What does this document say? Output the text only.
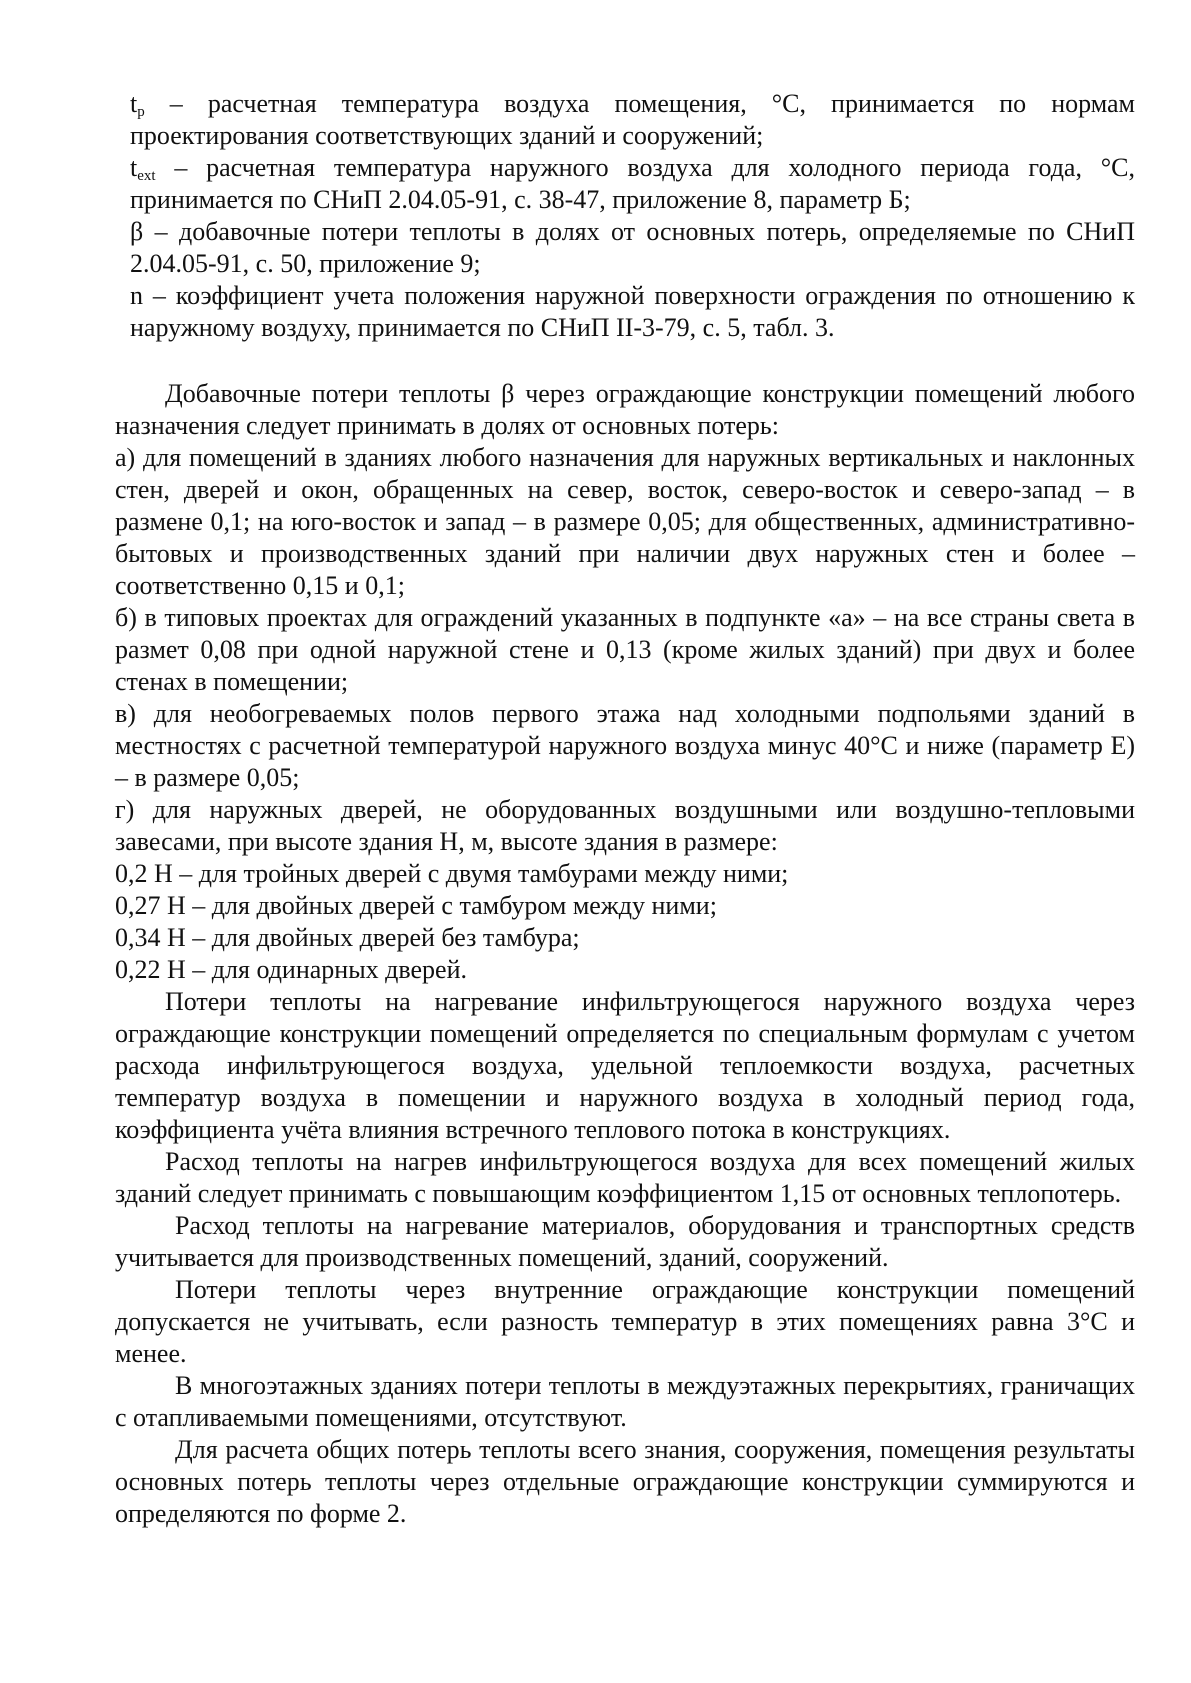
$t_p$ – расчетная температура воздуха помещения, °С, принимается по нормам проектирования соответствующих зданий и сооружений;

$t_{ext}$ – расчетная температура наружного воздуха для холодного периода года, °С, принимается по СНиП 2.04.05-91, с. 38-47, приложение 8, параметр Б;

β – добавочные потери теплоты в долях от основных потерь, определяемые по СНиП 2.04.05-91, с. 50, приложение 9;

n – коэффициент учета положения наружной поверхности ограждения по отношению к наружному воздуху, принимается по СНиП II-3-79, с. 5, табл. 3.

Добавочные потери теплоты β через ограждающие конструкции помещений любого назначения следует принимать в долях от основных потерь:

а) для помещений в зданиях любого назначения для наружных вертикальных и наклонных стен, дверей и окон, обращенных на север, восток, северо-восток и северо-запад – в размене 0,1; на юго-восток и запад – в размере 0,05; для общественных, административно-бытовых и производственных зданий при наличии двух наружных стен и более – соответственно 0,15 и 0,1;

б) в типовых проектах для ограждений указанных в подпункте «а» – на все страны света в размет 0,08 при одной наружной стене и 0,13 (кроме жилых зданий) при двух и более стенах в помещении;

в) для необогреваемых полов первого этажа над холодными подпольями зданий в местностях с расчетной температурой наружного воздуха минус 40°С и ниже (параметр Е) – в размере 0,05;

г) для наружных дверей, не оборудованных воздушными или воздушно-тепловыми завесами, при высоте здания Н, м, высоте здания в размере:

0,2 Н – для тройных дверей с двумя тамбурами между ними;

0,27 Н – для двойных дверей с тамбуром между ними;

0,34 Н – для двойных дверей без тамбура;

0,22 Н – для одинарных дверей.

Потери теплоты на нагревание инфильтрующегося наружного воздуха через ограждающие конструкции помещений определяется по специальным формулам с учетом расхода инфильтрующегося воздуха, удельной теплоемкости воздуха, расчетных температур воздуха в помещении и наружного воздуха в холодный период года, коэффициента учёта влияния встречного теплового потока в конструкциях.

Расход теплоты на нагрев инфильтрующегося воздуха для всех помещений жилых зданий следует принимать с повышающим коэффициентом 1,15 от основных теплопотерь.

Расход теплоты на нагревание материалов, оборудования и транспортных средств учитывается для производственных помещений, зданий, сооружений.

Потери теплоты через внутренние ограждающие конструкции помещений допускается не учитывать, если разность температур в этих помещениях равна 3°С и менее.

В многоэтажных зданиях потери теплоты в междуэтажных перекрытиях, граничащих с отапливаемыми помещениями, отсутствуют.

Для расчета общих потерь теплоты всего знания, сооружения, помещения результаты основных потерь теплоты через отдельные ограждающие конструкции суммируются и определяются по форме 2.
